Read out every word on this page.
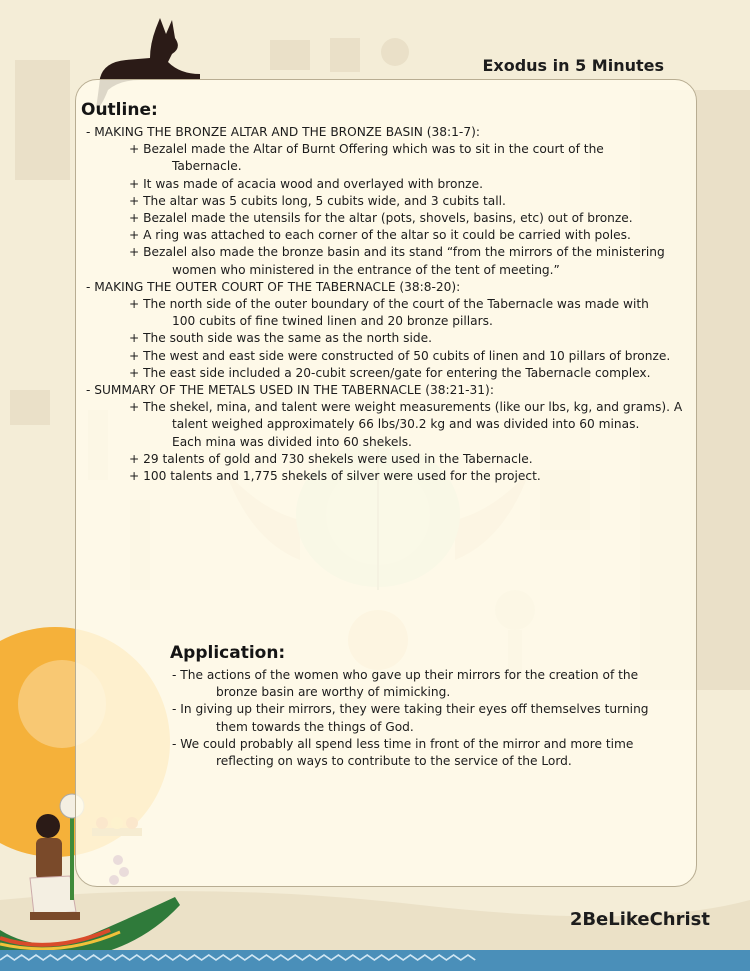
Exodus in 5 Minutes
Outline:
- MAKING THE BRONZE ALTAR AND THE BRONZE BASIN (38:1-7):
+ Bezalel made the Altar of Burnt Offering which was to sit in the court of the
Tabernacle.
+ It was made of acacia wood and overlayed with bronze.
+ The altar was 5 cubits long, 5 cubits wide, and 3 cubits tall.
+ Bezalel made the utensils for the altar (pots, shovels, basins, etc) out of bronze.
+ A ring was attached to each corner of the altar so it could be carried with poles.
+ Bezalel also made the bronze basin and its stand “from the mirrors of the ministering
women who ministered in the entrance of the tent of meeting.”
- MAKING THE OUTER COURT OF THE TABERNACLE (38:8-20):
+ The north side of the outer boundary of the court of the Tabernacle was made with
100 cubits of fine twined linen and 20 bronze pillars.
+ The south side was the same as the north side.
+ The west and east side were constructed of 50 cubits of linen and 10 pillars of bronze.
+ The east side included a 20-cubit screen/gate for entering the Tabernacle complex.
- SUMMARY OF THE METALS USED IN THE TABERNACLE (38:21-31):
+ The shekel, mina, and talent were weight measurements (like our lbs, kg, and grams). A
talent weighed approximately 66 lbs/30.2 kg and was divided into 60 minas.
Each mina was divided into 60 shekels.
+ 29 talents of gold and 730 shekels were used in the Tabernacle.
+ 100 talents and 1,775 shekels of silver were used for the project.
Application:
- The actions of the women who gave up their mirrors for the creation of the
bronze basin are worthy of mimicking.
- In giving up their mirrors, they were taking their eyes off themselves turning
them towards the things of God.
- We could probably all spend less time in front of the mirror and more time
reflecting on ways to contribute to the service of the Lord.
2BeLikeChrist
